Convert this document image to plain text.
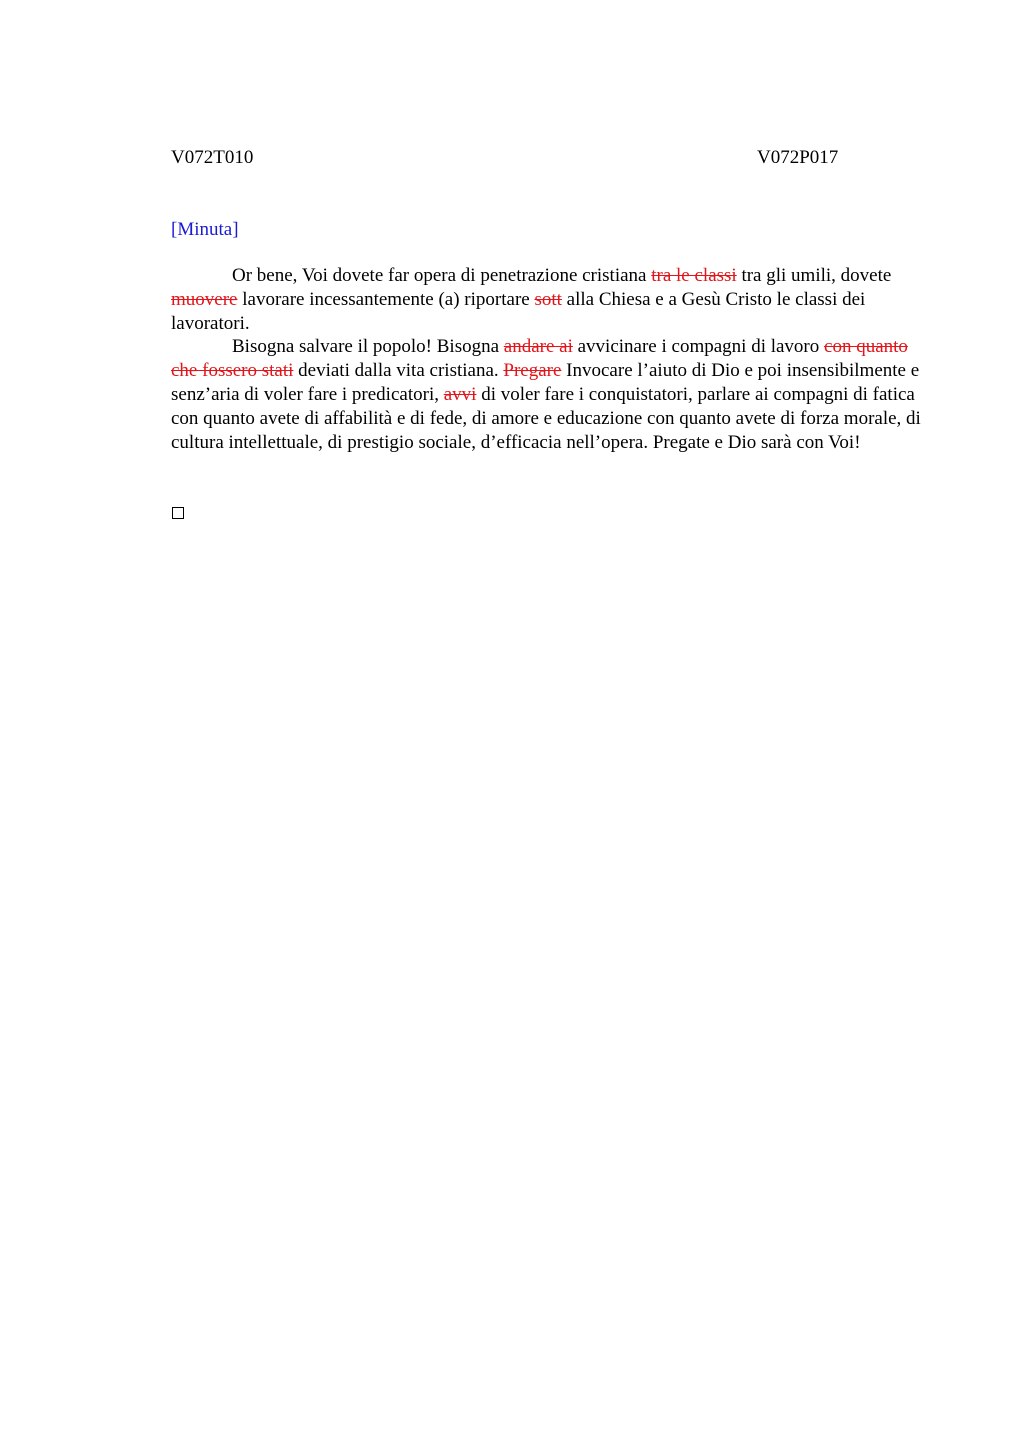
V072T010	V072P017
[Minuta]

Or bene, Voi dovete far opera di penetrazione cristiana tra le classi tra gli umili, dovete muovere lavorare incessantemente (a) riportare sott alla Chiesa e a Gesù Cristo le classi dei lavoratori.

Bisogna salvare il popolo! Bisogna andare ai avvicinare i compagni di lavoro con quanto che fossero stati deviati dalla vita cristiana. Pregare Invocare l’aiuto di Dio e poi insensibilmente e senz’aria di voler fare i predicatori, avvi di voler fare i conquistatori, parlare ai compagni di fatica con quanto avete di affabilità e di fede, di amore e educazione con quanto avete di forza morale, di cultura intellettuale, di prestigio sociale, d’efficacia nell’opera. Pregate e Dio sarà con Voi!
